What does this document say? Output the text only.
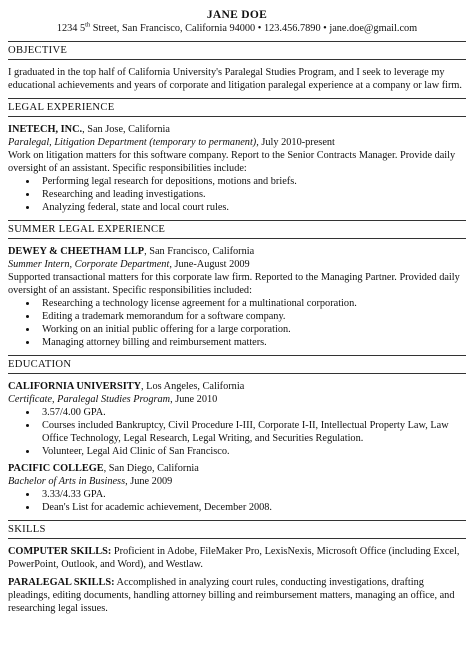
JANE DOE
1234 5th Street, San Francisco, California 94000 • 123.456.7890 • jane.doe@gmail.com
OBJECTIVE
I graduated in the top half of California University's Paralegal Studies Program, and I seek to leverage my educational achievements and years of corporate and litigation paralegal experience at a company or law firm.
LEGAL EXPERIENCE
INETECH, INC., San Jose, California
Paralegal, Litigation Department (temporary to permanent), July 2010-present
Work on litigation matters for this software company. Report to the Senior Contracts Manager. Provide daily oversight of an assistant. Specific responsibilities include:
• Performing legal research for depositions, motions and briefs.
• Researching and leading investigations.
• Analyzing federal, state and local court rules.
SUMMER LEGAL EXPERIENCE
DEWEY & CHEETHAM LLP, San Francisco, California
Summer Intern, Corporate Department, June-August 2009
Supported transactional matters for this corporate law firm. Reported to the Managing Partner. Provided daily oversight of an assistant. Specific responsibilities included:
• Researching a technology license agreement for a multinational corporation.
• Editing a trademark memorandum for a software company.
• Working on an initial public offering for a large corporation.
• Managing attorney billing and reimbursement matters.
EDUCATION
CALIFORNIA UNIVERSITY, Los Angeles, California
Certificate, Paralegal Studies Program, June 2010
• 3.57/4.00 GPA.
• Courses included Bankruptcy, Civil Procedure I-III, Corporate I-II, Intellectual Property Law, Law Office Technology, Legal Research, Legal Writing, and Securities Regulation.
• Volunteer, Legal Aid Clinic of San Francisco.
PACIFIC COLLEGE, San Diego, California
Bachelor of Arts in Business, June 2009
• 3.33/4.33 GPA.
• Dean's List for academic achievement, December 2008.
SKILLS
COMPUTER SKILLS: Proficient in Adobe, FileMaker Pro, LexisNexis, Microsoft Office (including Excel, PowerPoint, Outlook, and Word), and Westlaw.
PARALEGAL SKILLS: Accomplished in analyzing court rules, conducting investigations, drafting pleadings, editing documents, handling attorney billing and reimbursement matters, managing an office, and researching legal issues.
